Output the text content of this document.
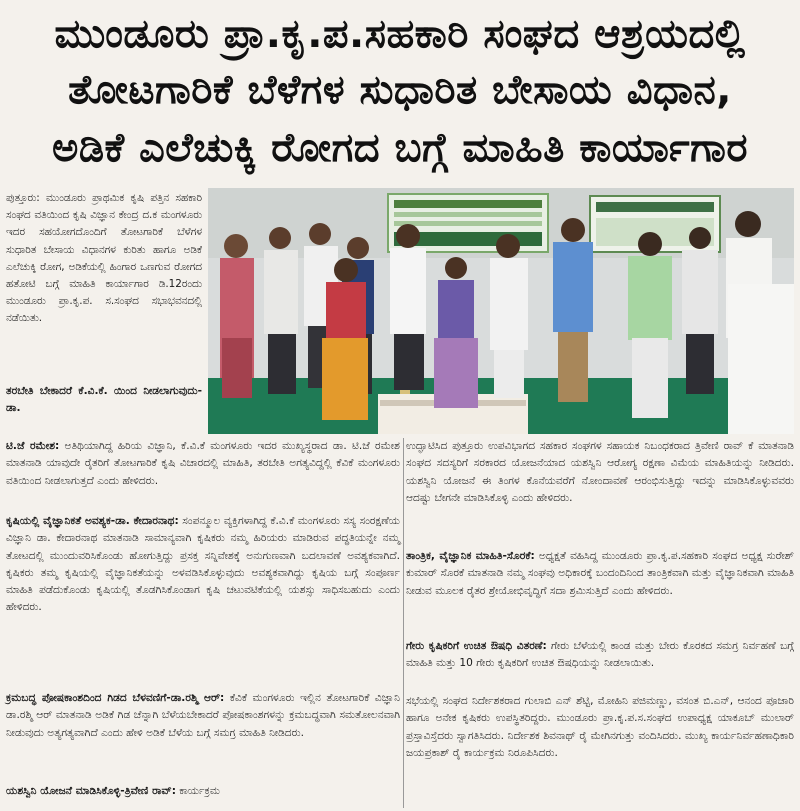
ಮುಂಡೂರು ಪ್ರಾ.ಕೃ.ಪ.ಸಹಕಾರಿ ಸಂಘದ ಆಶ್ರಯದಲ್ಲಿ
ತೋಟಗಾರಿಕೆ ಬೆಳೆಗಳ ಸುಧಾರಿತ ಬೇಸಾಯ ವಿಧಾನ,
ಅಡಿಕೆ ಎಲೆಚುಕ್ಕಿ ರೋಗದ ಬಗ್ಗೆ ಮಾಹಿತಿ ಕಾರ್ಯಾಗಾರ

ಪುತ್ತೂರು: ಮುಂಡೂರು ಪ್ರಾಥಮಿಕ ಕೃಷಿ ಪತ್ತಿನ ಸಹಕಾರಿ ಸಂಘದ ವತಿಯಿಂದ ಕೃಷಿ ವಿಜ್ಞಾನ ಕೇಂದ್ರ ದ.ಕ ಮಂಗಳೂರು ಇದರ ಸಹಯೋಗದೊಂದಿಗೆ ತೋಟಗಾರಿಕೆ ಬೆಳೆಗಳ ಸುಧಾರಿತ ಬೇಸಾಯ ವಿಧಾನಗಳ ಕುರಿತು ಹಾಗೂ ಅಡಿಕೆ ಎಲೆಚುಕ್ಕಿ ರೋಗ, ಅಡಿಕೆಯಲ್ಲಿ ಹಿಂಗಾರ ಒಣಗುವ ರೋಗದ ಹತೋಟಿ ಬಗ್ಗೆ ಮಾಹಿತಿ ಕಾರ್ಯಾಗಾರ ಡಿ.12ರಂದು ಮುಂಡೂರು ಪ್ರಾ.ಕೃ.ಪ. ಸ.ಸಂಘದ ಸಭಾಭವನದಲ್ಲಿ ನಡೆಯಿತು.

ತರಬೇತಿ ಬೇಕಾದರೆ ಕೆ.ವಿ.ಕೆ. ಯಿಂದ ನೀಡಲಾಗುವುದು-ಡಾ.
ಟಿ.ಜೆ ರಮೇಶ: ಅತಿಥಿಯಾಗಿದ್ದ ಹಿರಿಯ ವಿಜ್ಞಾನಿ, ಕೆ.ವಿ.ಕೆ ಮಂಗಳೂರು ಇದರ ಮುಖ್ಯಸ್ಥರಾದ ಡಾ. ಟಿ.ಜೆ ರಮೇಶ ಮಾತನಾಡಿ ಯಾವುದೇ ರೈತರಿಗೆ ತೋಟಗಾರಿಕೆ ಕೃಷಿ ವಿಚಾರದಲ್ಲಿ ಮಾಹಿತಿ, ತರಬೇತಿ ಅಗತ್ಯವಿದ್ದಲ್ಲಿ ಕೆವಿಕೆ ಮಂಗಳೂರು ವತಿಯಿಂದ ನೀಡಲಾಗುತ್ತದೆ ಎಂದು ಹೇಳಿದರು.
ಕೃಷಿಯಲ್ಲಿ ವೈಜ್ಞಾನಿಕತೆ ಅವಶ್ಯಕ-ಡಾ. ಕೇದಾರನಾಥ: ಸಂಪನ್ಮೂಲ ವ್ಯಕ್ತಿಗಳಾಗಿದ್ದ ಕೆ.ವಿ.ಕೆ ಮಂಗಳೂರು ಸಸ್ಯ ಸಂರಕ್ಷಣೆಯ ವಿಜ್ಞಾನಿ ಡಾ. ಕೇದಾರನಾಥ ಮಾತನಾಡಿ ಸಾಮಾನ್ಯವಾಗಿ ಕೃಷಿಕರು ನಮ್ಮ ಹಿರಿಯರು ಮಾಡಿರುವ ಪದ್ಧತಿಯನ್ನೇ ನಮ್ಮ ತೋಟದಲ್ಲಿ ಮುಂದುವರಿಸಿಕೊಂಡು ಹೋಗುತ್ತಿದ್ದು ಪ್ರಸಕ್ತ ಸನ್ನಿವೇಶಕ್ಕೆ ಅನುಗುಣವಾಗಿ ಬದಲಾವಣೆ ಅವಶ್ಯಕವಾಗಿದೆ. ಕೃಷಿಕರು ತಮ್ಮ ಕೃಷಿಯಲ್ಲಿ ವೈಜ್ಞಾನಿಕತೆಯನ್ನು ಅಳವಡಿಸಿಕೊಳ್ಳುವುದು ಅವಶ್ಯಕವಾಗಿದ್ದು ಕೃಷಿಯ ಬಗ್ಗೆ ಸಂಪೂರ್ಣ ಮಾಹಿತಿ ಪಡೆದುಕೊಂಡು ಕೃಷಿಯಲ್ಲಿ ತೊಡಗಿಸಿಕೊಂಡಾಗ ಕೃಷಿ ಚಟುವಟಿಕೆಯಲ್ಲಿ ಯಶಸ್ಸು ಸಾಧಿಸಬಹುದು ಎಂದು ಹೇಳಿದರು.
ಕ್ರಮಬದ್ಧ ಪೋಷಕಾಂಶದಿಂದ ಗಿಡದ ಬೆಳವಣಿಗೆ-ಡಾ.ರಶ್ಮಿ ಆರ್: ಕೆವಿಕೆ ಮಂಗಳೂರು ಇಲ್ಲಿನ ತೋಟಗಾರಿಕೆ ವಿಜ್ಞಾನಿ ಡಾ.ರಶ್ಮಿ ಆರ್ ಮಾತನಾಡಿ ಅಡಿಕೆ ಗಿಡ ಚೆನ್ನಾಗಿ ಬೆಳೆಯಬೇಕಾದರೆ ಪೋಷಕಾಂಶಗಳನ್ನು ಕ್ರಮಬದ್ಧವಾಗಿ ಸಮತೋಲನವಾಗಿ ನೀಡುವುದು ಅತ್ಯಗತ್ಯವಾಗಿದೆ ಎಂದು ಹೇಳಿ ಅಡಿಕೆ ಬೆಳೆಯ ಬಗ್ಗೆ ಸಮಗ್ರ ಮಾಹಿತಿ ನೀಡಿದರು.
ಯಶಸ್ವಿನಿ ಯೋಜನೆ ಮಾಡಿಸಿಕೊಳ್ಳಿ-ತ್ರಿವೇಣಿ ರಾವ್: ಕಾರ್ಯಕ್ರಮ
ಉದ್ಘಾಟಿಸಿದ ಪುತ್ತೂರು ಉಪವಿಭಾಗದ ಸಹಕಾರ ಸಂಘಗಳ ಸಹಾಯಕ ನಿಬಂಧಕರಾದ ತ್ರಿವೇಣಿ ರಾವ್ ಕೆ ಮಾತನಾಡಿ ಸಂಘದ ಸದಸ್ಯರಿಗೆ ಸರಕಾರದ ಯೋಜನೆಯಾದ ಯಶಸ್ವಿನಿ ಆರೋಗ್ಯ ರಕ್ಷಣಾ ವಿಮೆಯ ಮಾಹಿತಿಯನ್ನು ನೀಡಿದರು. ಯಶಸ್ವಿನಿ ಯೋಜನೆ ಈ ತಿಂಗಳ ಕೊನೆಯವರೆಗೆ ನೋಂದಾವಣೆ ಆರಂಭಿಸುತ್ತಿದ್ದು ಇದನ್ನು ಮಾಡಿಸಿಕೊಳ್ಳುವವರು ಆದಷ್ಟು ಬೇಗನೇ ಮಾಡಿಸಿಕೊಳ್ಳಿ ಎಂದು ಹೇಳಿದರು.
ತಾಂತ್ರಿಕ, ವೈಜ್ಞಾನಿಕ ಮಾಹಿತಿ-ಸೊರಕೆ: ಅಧ್ಯಕ್ಷತೆ ವಹಿಸಿದ್ದ ಮುಂಡೂರು ಪ್ರಾ.ಕೃ.ಪ.ಸಹಕಾರಿ ಸಂಘದ ಅಧ್ಯಕ್ಷ ಸುರೇಶ್ ಕುಮಾರ್ ಸೊರಕೆ ಮಾತನಾಡಿ ನಮ್ಮ ಸಂಘವು ಅಧಿಕಾರಕ್ಕೆ ಬಂದಂದಿನಿಂದ ತಾಂತ್ರಿಕವಾಗಿ ಮತ್ತು ವೈಜ್ಞಾನಿಕವಾಗಿ ಮಾಹಿತಿ ನೀಡುವ ಮೂಲಕ ರೈತರ ಶ್ರೇಯೋಭಿವೃದ್ಧಿಗೆ ಸದಾ ಶ್ರಮಿಸುತ್ತಿದೆ ಎಂದು ಹೇಳಿದರು.
ಗೇರು ಕೃಷಿಕರಿಗೆ ಉಚಿತ ಔಷಧಿ ವಿತರಣೆ: ಗೇರು ಬೆಳೆಯಲ್ಲಿ ಕಾಂಡ ಮತ್ತು ಬೇರು ಕೊರಕದ ಸಮಗ್ರ ನಿರ್ವಹಣೆ ಬಗ್ಗೆ ಮಾಹಿತಿ ಮತ್ತು 10 ಗೇರು ಕೃಷಿಕರಿಗೆ ಉಚಿತ ಔಷಧಿಯನ್ನು ನೀಡಲಾಯಿತು.
ಸಭೆಯಲ್ಲಿ ಸಂಘದ ನಿರ್ದೇಶಕರಾದ ಗುಲಾಬಿ ಎನ್ ಶೆಟ್ಟಿ, ಮೋಹಿನಿ ಪಜಿಮಣ್ಣು, ವಸಂತ ಬಿ.ಎನ್, ಆನಂದ ಪೂಜಾರಿ ಹಾಗೂ ಅನೇಕ ಕೃಷಿಕರು ಉಪಸ್ಥಿತರಿದ್ದರು. ಮುಂಡೂರು ಪ್ರಾ.ಕೃ.ಪ.ಸ.ಸಂಘದ ಉಪಾಧ್ಯಕ್ಷ ಯಾಕೂಬ್ ಮುಲಾರ್ ಪ್ರಸ್ತಾವಿಸ್ತೆದರು ಸ್ವಾಗತಿಸಿದರು. ನಿರ್ದೇಶಕ ಶಿವನಾಥ್ ರೈ ಮೇಗಿನಗುತ್ತು ವಂದಿಸಿದರು. ಮುಖ್ಯ ಕಾರ್ಯನಿರ್ವಹಣಾಧಿಕಾರಿ ಜಯಪ್ರಕಾಶ್ ರೈ ಕಾರ್ಯಕ್ರಮ ನಿರೂಪಿಸಿದರು.
